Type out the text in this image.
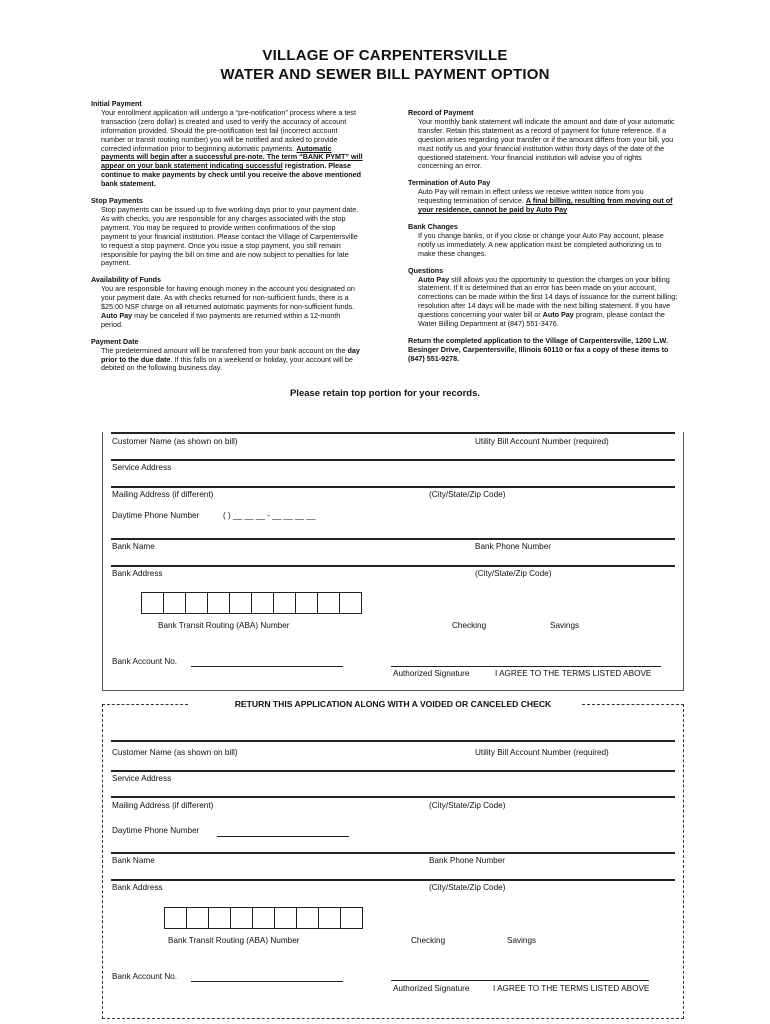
VILLAGE OF CARPENTERSVILLE
WATER AND SEWER BILL PAYMENT OPTION
Initial Payment
Your enrollment application will undergo a “pre-notification” process where a test transaction (zero dollar) is created and used to verify the accuracy of account information provided. Should the pre-notification test fail (incorrect account number or transit routing number) you will be notified and asked to provide corrected information prior to beginning automatic payments. Automatic payments will begin after a successful pre-note. The term “BANK PYMT” will appear on your bank statement indicating successful registration. Please continue to make payments by check until you receive the above mentioned bank statement.
Stop Payments
Stop payments can be issued up to five working days prior to your payment date. As with checks, you are responsible for any charges associated with the stop payment. You may be required to provide written confirmations of the stop payment to your financial institution. Please contact the Village of Carpentersville to request a stop payment. Once you issue a stop payment, you still remain responsible for paying the bill on time and are now subject to penalties for late payment.
Availability of Funds
You are responsible for having enough money in the account you designated on your payment date. As with checks returned for non-sufficient funds, there is a $25.00 NSF charge on all returned automatic payments for non-sufficient funds. Auto Pay may be canceled if two payments are returned within a 12-month period.
Payment Date
The predetermined amount will be transferred from your bank account on the day prior to the due date. If this falls on a weekend or holiday, your account will be debited on the following business day.
Record of Payment
Your monthly bank statement will indicate the amount and date of your automatic transfer. Retain this statement as a record of payment for future reference. If a question arises regarding your transfer or if the amount differs from your bill, you must notify us and your financial institution within thirty days of the date of the questioned statement. Your financial institution will advise you of rights concerning an error.
Termination of Auto Pay
Auto Pay will remain in effect unless we receive written notice from you requesting termination of service. A final billing, resulting from moving out of your residence, cannot be paid by Auto Pay
Bank Changes
If you change banks, or if you close or change your Auto Pay account, please notify us immediately. A new application must be completed authorizing us to make these changes.
Questions
Auto Pay still allows you the opportunity to question the charges on your billing statement. If it is determined that an error has been made on your account, corrections can be made within the first 14 days of issuance for the current billing; resolution after 14 days will be made with the next billing statement. If you have questions concerning your water bill or Auto Pay program, please contact the Water Billing Department at (847) 551-3476.
Return the completed application to the Village of Carpentersville, 1200 L.W. Besinger Drive, Carpentersville, Illinois 60110 or fax a copy of these items to (847) 551-9278.
Please retain top portion for your records.
Customer Name (as shown on bill)	Utility Bill Account Number (required)
Service Address
Mailing Address (if different)	(City/State/Zip Code)
Daytime Phone Number	( ) __ __ __ - __ __ __ __
Bank Name	Bank Phone Number
Bank Address	(City/State/Zip Code)
Bank Transit Routing (ABA) Number	Checking	Savings
Bank Account No.
Authorized Signature	I AGREE TO THE TERMS LISTED ABOVE
RETURN THIS APPLICATION ALONG WITH A VOIDED OR CANCELED CHECK
Customer Name (as shown on bill)	Utility Bill Account Number (required)
Service Address
Mailing Address (if different)	(City/State/Zip Code)
Daytime Phone Number
Bank Name	Bank Phone Number
Bank Address	(City/State/Zip Code)
Bank Transit Routing (ABA) Number	Checking	Savings
Bank Account No.
Authorized Signature	I AGREE TO THE TERMS LISTED ABOVE
